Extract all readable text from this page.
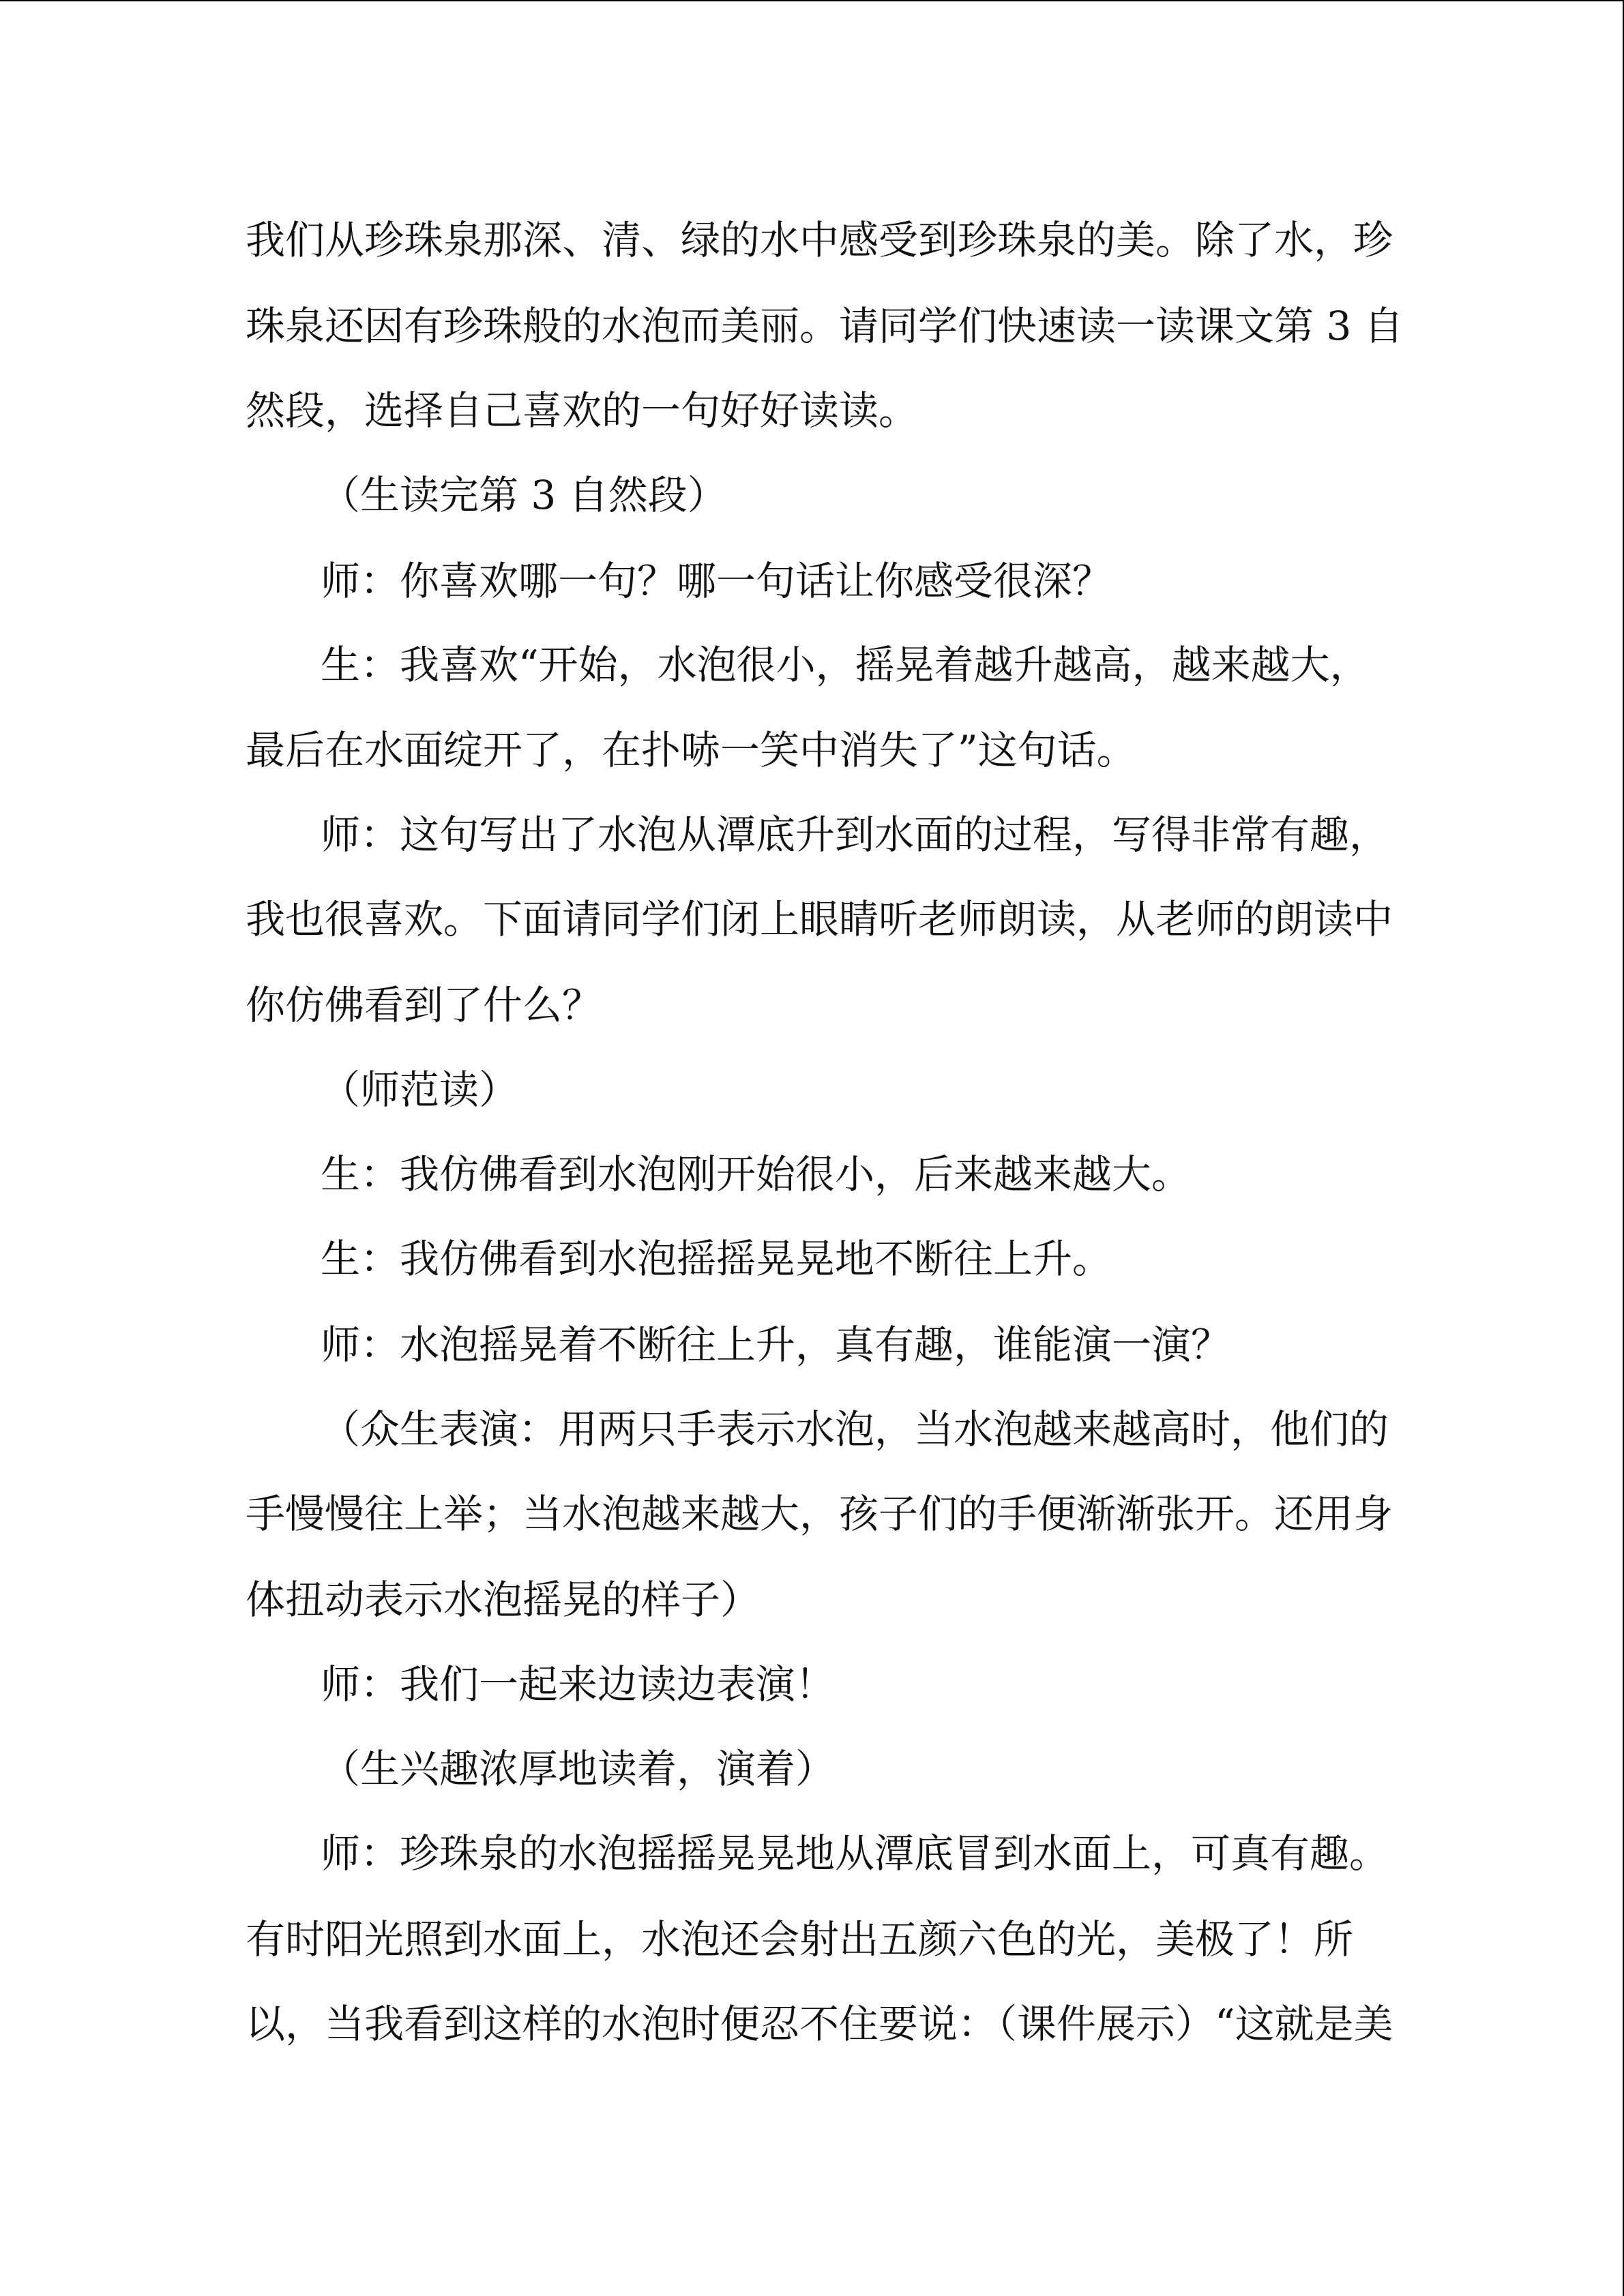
我们从珍珠泉那深、清、绿的水中感受到珍珠泉的美。除了水，珍
珠泉还因有珍珠般的水泡而美丽。请同学们快速读一读课文第 3 自
然段，选择自己喜欢的一句好好读读。
（生读完第 3 自然段）
师：你喜欢哪一句？哪一句话让你感受很深？
生：我喜欢“开始，水泡很小，摇晃着越升越高，越来越大，
最后在水面绽开了，在扑哧一笑中消失了”这句话。
师：这句写出了水泡从潭底升到水面的过程，写得非常有趣，
我也很喜欢。下面请同学们闭上眼睛听老师朗读，从老师的朗读中
你仿佛看到了什么？
（师范读）
生：我仿佛看到水泡刚开始很小，后来越来越大。
生：我仿佛看到水泡摇摇晃晃地不断往上升。
师：水泡摇晃着不断往上升，真有趣，谁能演一演？
（众生表演：用两只手表示水泡，当水泡越来越高时，他们的
手慢慢往上举；当水泡越来越大，孩子们的手便渐渐张开。还用身
体扭动表示水泡摇晃的样子）
师：我们一起来边读边表演！
（生兴趣浓厚地读着，演着）
师：珍珠泉的水泡摇摇晃晃地从潭底冒到水面上，可真有趣。
有时阳光照到水面上，水泡还会射出五颜六色的光，美极了！所
以，当我看到这样的水泡时便忍不住要说：（课件展示）“这就是美
